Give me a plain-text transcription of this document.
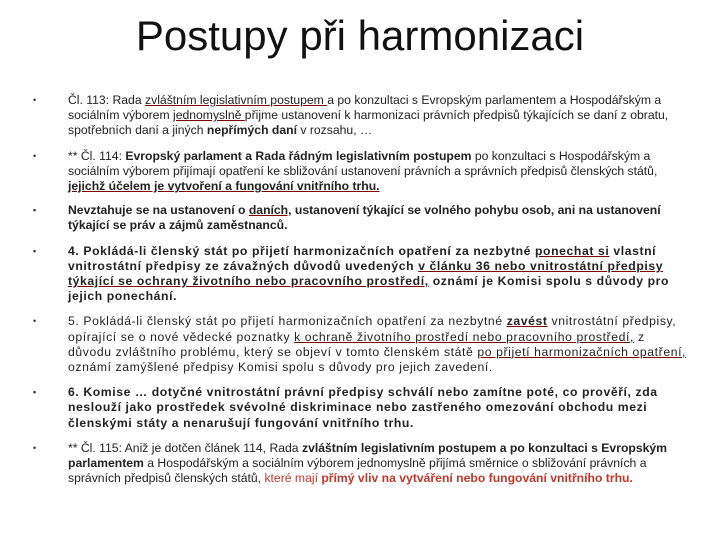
Postupy při harmonizaci
•	Čl. 113: Rada zvláštním legislativním postupem a po konzultaci s Evropským parlamentem a Hospodářským a sociálním výborem jednomyslně přijme ustanovení k harmonizaci právních předpisů týkajících se daní z obratu, spotřebních daní a jiných nepřímých daní v rozsahu, …
•	** Čl. 114: Evropský parlament a Rada řádným legislativním postupem po konzultaci s Hospodářským a sociálním výborem přijímají opatření ke sbližování ustanovení právních a správních předpisů členských států, jejichž účelem je vytvoření a fungování vnitřního trhu.
•	Nevztahuje se na ustanovení o daních, ustanovení týkající se volného pohybu osob, ani na ustanovení týkající se práv a zájmů zaměstnanců.
•	4. Pokládá-li členský stát po přijetí harmonizačních opatření za nezbytné ponechat si vlastní vnitrostátní předpisy ze závažných důvodů uvedených v článku 36 nebo vnitrostátní předpisy týkající se ochrany životního nebo pracovního prostředí, oznámí je Komisi spolu s důvody pro jejich ponechání.
•	5. Pokládá-li členský stát po přijetí harmonizačních opatření za nezbytné zavést vnitrostátní předpisy, opírající se o nové vědecké poznatky k ochraně životního prostředí nebo pracovního prostředí, z důvodu zvláštního problému, který se objeví v tomto členském státě po přijetí harmonizačních opatření, oznámí zamýšlené předpisy Komisi spolu s důvody pro jejich zavedení.
•	6. Komise … dotyčné vnitrostátní právní předpisy schválí nebo zamítne poté, co prověří, zda neslouží jako prostředek svévolné diskriminace nebo zastřeného omezování obchodu mezi členskými státy a nenarušují fungování vnitřního trhu.
•	** Čl. 115: Aniž je dotčen článek 114, Rada zvláštním legislativním postupem a po konzultaci s Evropským parlamentem a Hospodářským a sociálním výborem jednomyslně přijímá směrnice o sbližování právních a správních předpisů členských států, které mají přímý vliv na vytváření nebo fungování vnitřního trhu.
